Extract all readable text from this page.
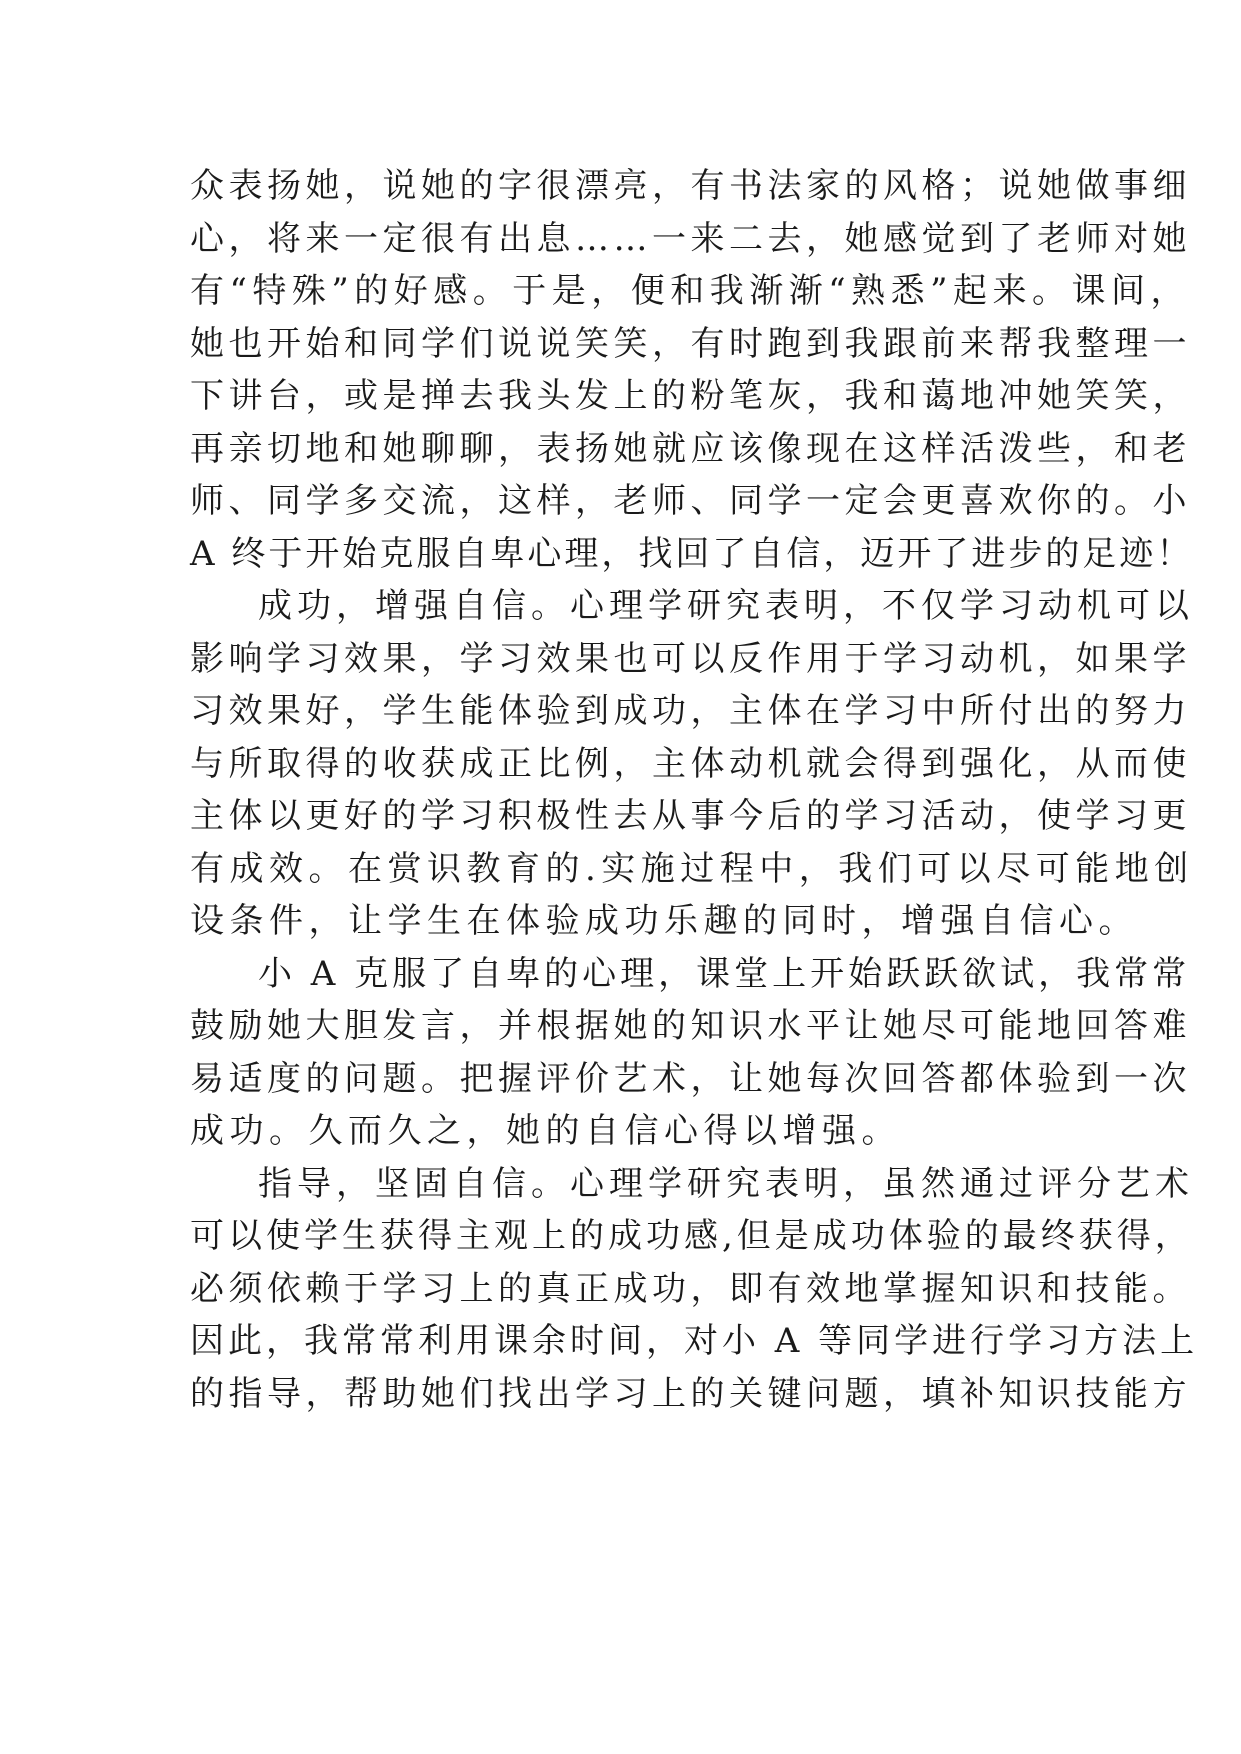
众表扬她，说她的字很漂亮，有书法家的风格；说她做事细
心，将来一定很有出息……一来二去，她感觉到了老师对她
有“特殊”的好感。于是，便和我渐渐“熟悉”起来。课间，
她也开始和同学们说说笑笑，有时跑到我跟前来帮我整理一
下讲台，或是掸去我头发上的粉笔灰，我和蔼地冲她笑笑，
再亲切地和她聊聊，表扬她就应该像现在这样活泼些，和老
师、同学多交流，这样，老师、同学一定会更喜欢你的。小
A 终于开始克服自卑心理，找回了自信，迈开了进步的足迹！
成功，增强自信。心理学研究表明，不仅学习动机可以
影响学习效果，学习效果也可以反作用于学习动机，如果学
习效果好，学生能体验到成功，主体在学习中所付出的努力
与所取得的收获成正比例，主体动机就会得到强化，从而使
主体以更好的学习积极性去从事今后的学习活动，使学习更
有成效。在赏识教育的.实施过程中，我们可以尽可能地创
设条件，让学生在体验成功乐趣的同时，增强自信心。
小 A 克服了自卑的心理，课堂上开始跃跃欲试，我常常
鼓励她大胆发言，并根据她的知识水平让她尽可能地回答难
易适度的问题。把握评价艺术，让她每次回答都体验到一次
成功。久而久之，她的自信心得以增强。
指导，坚固自信。心理学研究表明，虽然通过评分艺术
可以使学生获得主观上的成功感,但是成功体验的最终获得，
必须依赖于学习上的真正成功，即有效地掌握知识和技能。
因此，我常常利用课余时间，对小 A 等同学进行学习方法上
的指导，帮助她们找出学习上的关键问题，填补知识技能方
